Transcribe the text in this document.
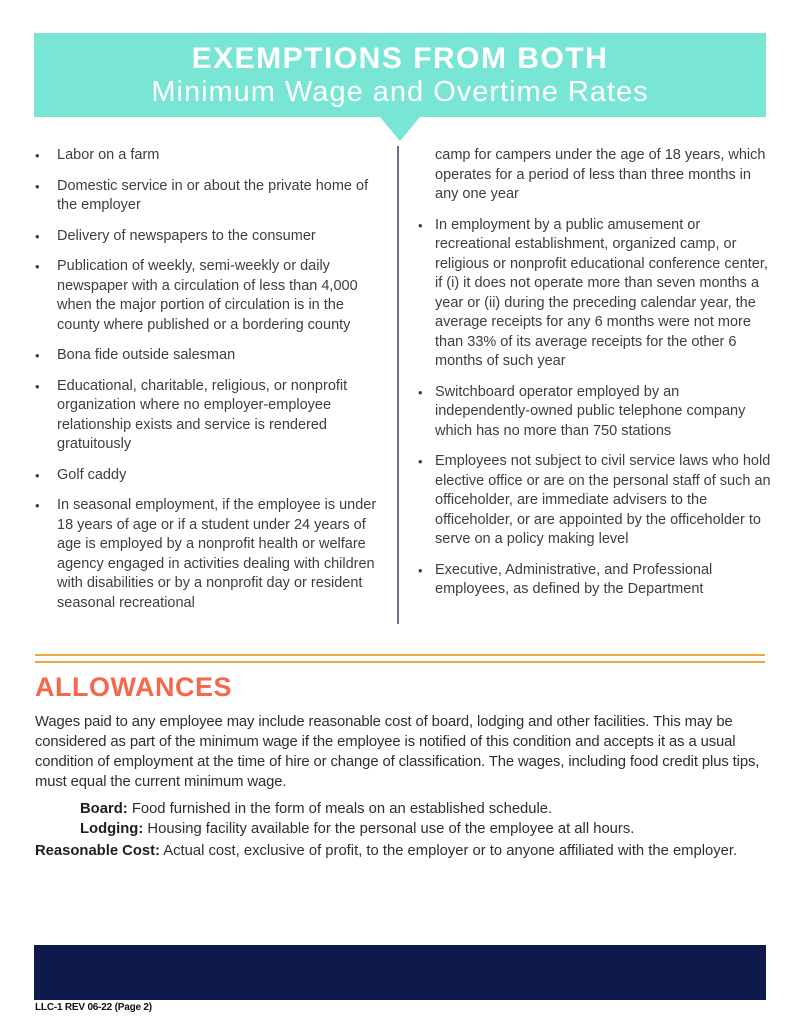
EXEMPTIONS FROM BOTH
Minimum Wage and Overtime Rates
•	Labor on a farm
•	Domestic service in or about the private home of the employer
•	Delivery of newspapers to the consumer
•	Publication of weekly, semi-weekly or daily newspaper with a circulation of less than 4,000 when the major portion of circulation is in the county where published or a bordering county
•	Bona fide outside salesman
•	Educational, charitable, religious, or nonprofit organization where no employer-employee relationship exists and service is rendered gratuitously
•	Golf caddy
•	In seasonal employment, if the employee is under 18 years of age or if a student under 24 years of age is employed by a nonprofit health or welfare agency engaged in activities dealing with children with disabilities or by a nonprofit day or resident seasonal recreational
camp for campers under the age of 18 years, which operates for a period of less than three months in any one year
• In employment by a public amusement or recreational establishment, organized camp, or religious or nonprofit educational conference center, if (i) it does not operate more than seven months a year or (ii) during the preceding calendar year, the average receipts for any 6 months were not more than 33% of its average receipts for the other 6 months of such year
• Switchboard operator employed by an independently-owned public telephone company which has no more than 750 stations
• Employees not subject to civil service laws who hold elective office or are on the personal staff of such an officeholder, are immediate advisers to the officeholder, or are appointed by the officeholder to serve on a policy making level
• Executive, Administrative, and Professional employees, as defined by the Department
ALLOWANCES
Wages paid to any employee may include reasonable cost of board, lodging and other facilities. This may be considered as part of the minimum wage if the employee is notified of this condition and accepts it as a usual condition of employment at the time of hire or change of classification. The wages, including food credit plus tips, must equal the current minimum wage.
Board: Food furnished in the form of meals on an established schedule.
Lodging: Housing facility available for the personal use of the employee at all hours.
Reasonable Cost: Actual cost, exclusive of profit, to the employer or to anyone affiliated with the employer.
LLC-1 REV 06-22 (Page 2)
